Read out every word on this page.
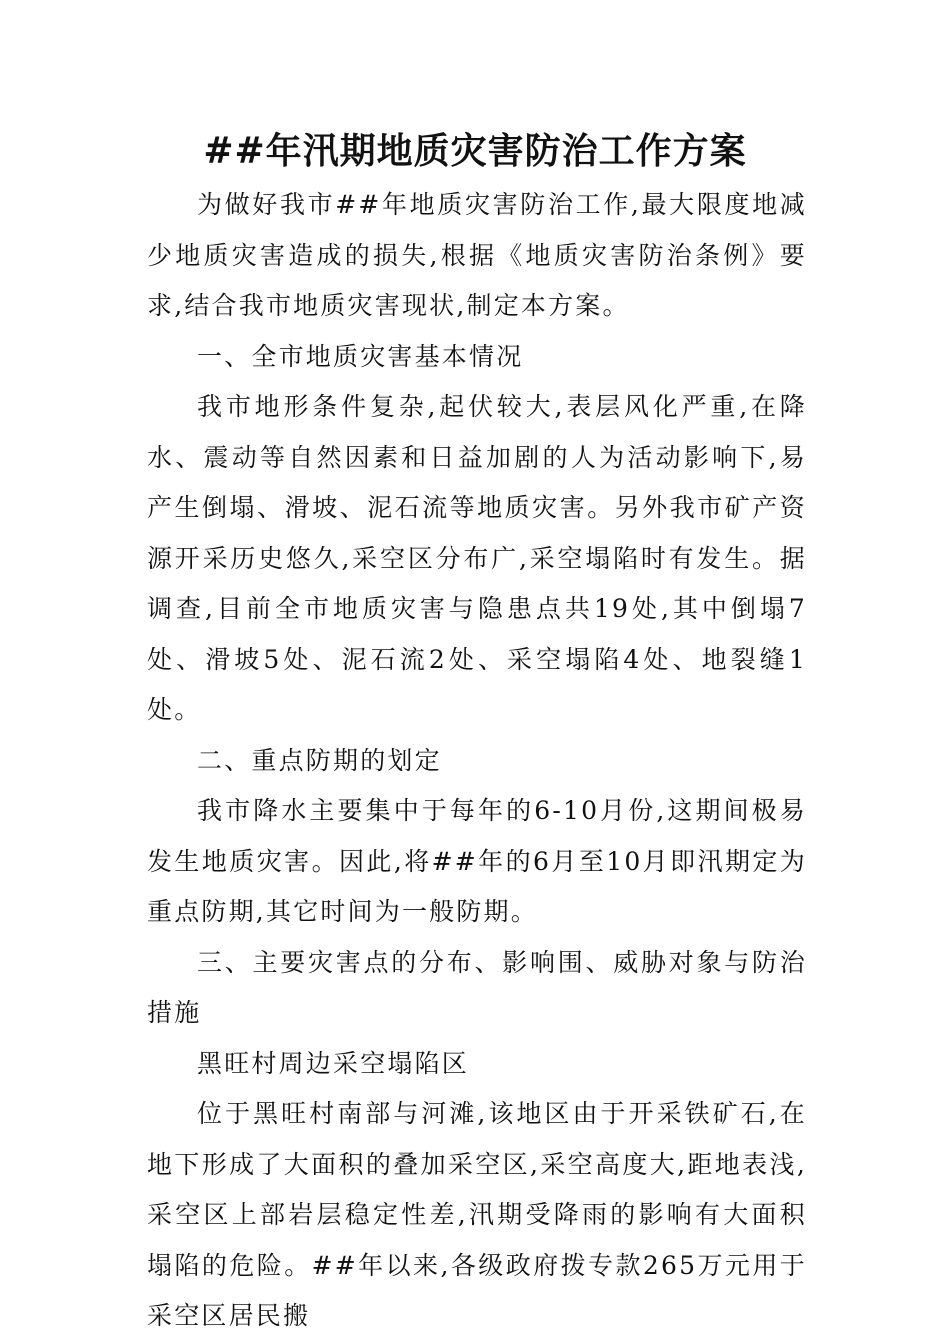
##年汛期地质灾害防治工作方案

为做好我市##年地质灾害防治工作,最大限度地减少地质灾害造成的损失,根据《地质灾害防治条例》要求,结合我市地质灾害现状,制定本方案。

一、全市地质灾害基本情况

我市地形条件复杂,起伏较大,表层风化严重,在降水、震动等自然因素和日益加剧的人为活动影响下,易产生倒塌、滑坡、泥石流等地质灾害。另外我市矿产资源开采历史悠久,采空区分布广,采空塌陷时有发生。据调查,目前全市地质灾害与隐患点共19处,其中倒塌7处、滑坡5处、泥石流2处、采空塌陷4处、地裂缝1处。

二、重点防期的划定

我市降水主要集中于每年的6-10月份,这期间极易发生地质灾害。因此,将##年的6月至10月即汛期定为重点防期,其它时间为一般防期。

三、主要灾害点的分布、影响围、威胁对象与防治措施

黑旺村周边采空塌陷区

位于黑旺村南部与河滩,该地区由于开采铁矿石,在地下形成了大面积的叠加采空区,采空高度大,距地表浅,采空区上部岩层稳定性差,汛期受降雨的影响有大面积塌陷的危险。##年以来,各级政府拨专款265万元用于采空区居民搬
